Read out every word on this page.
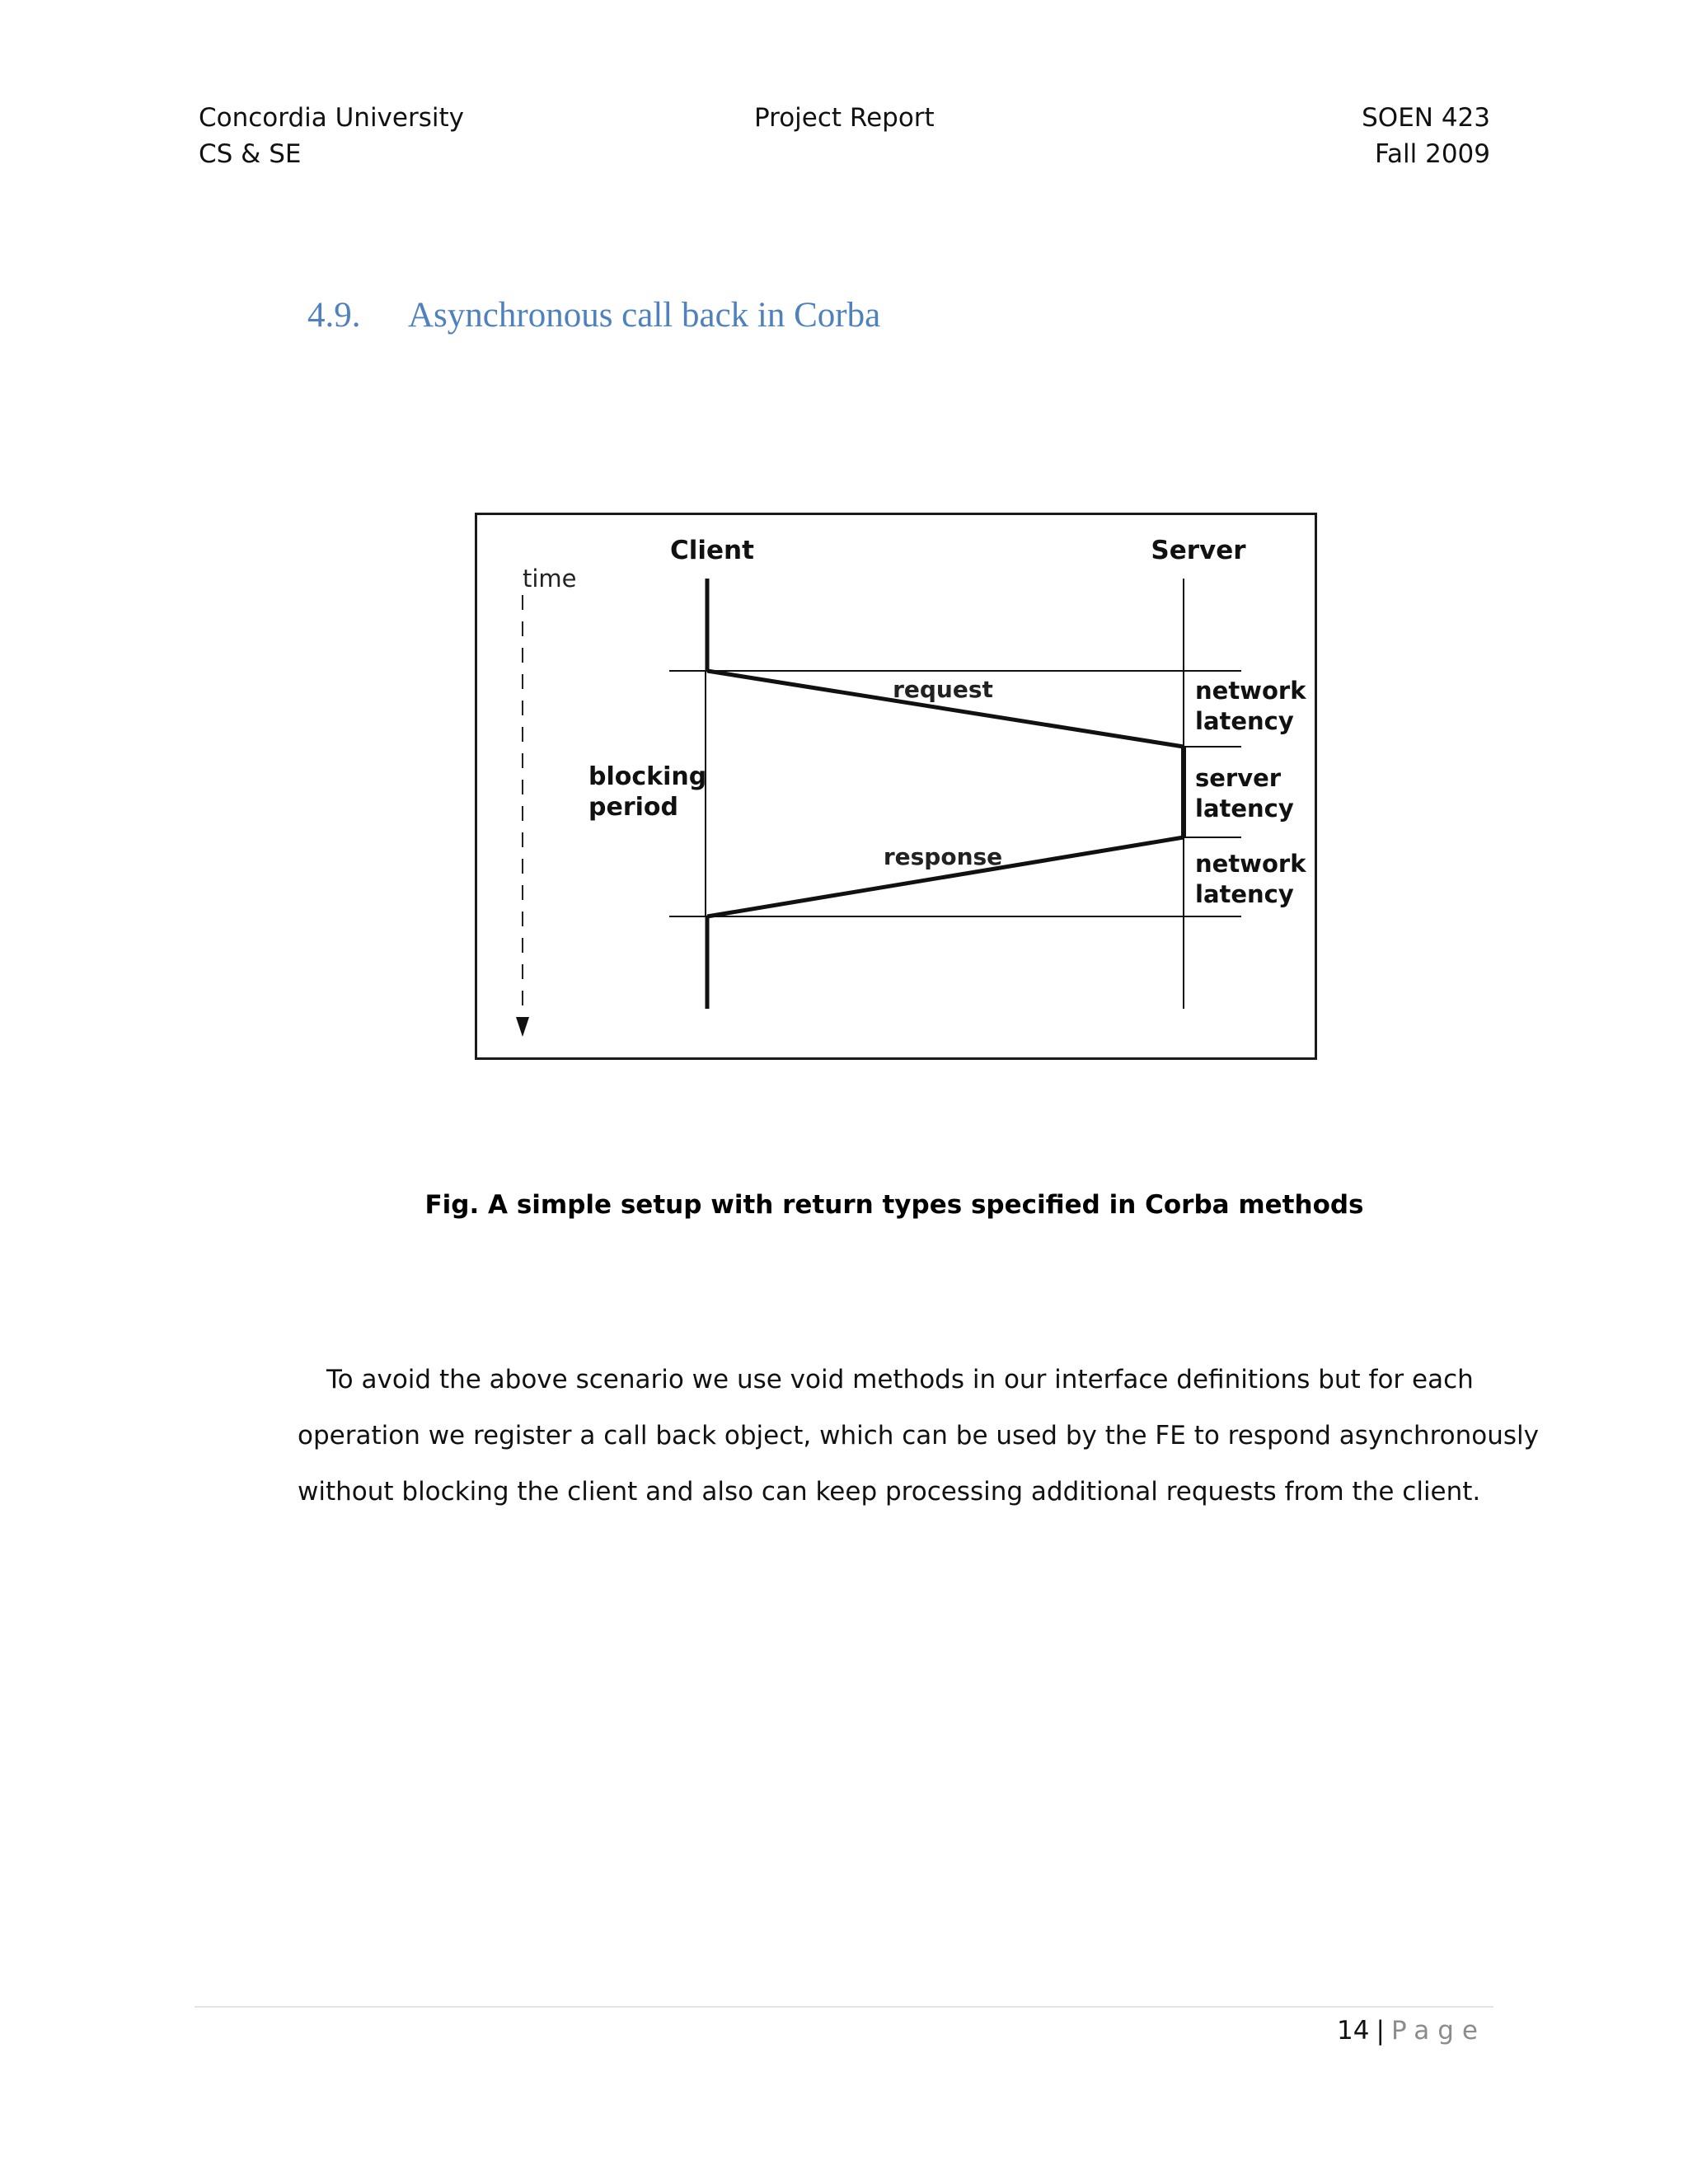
Concordia University
CS & SE
Project Report	SOEN 423
Fall 2009
4.9. Asynchronous call back in Corba
Client	Server
time
request
response
blocking
period
network
latency
server
latency
network
latency
Fig. A simple setup with return types specified in Corba methods
To avoid the above scenario we use void methods in our interface definitions but for each
operation we register a call back object, which can be used by the FE to respond asynchronously
without blocking the client and also can keep processing additional requests from the client.
14 | Page
